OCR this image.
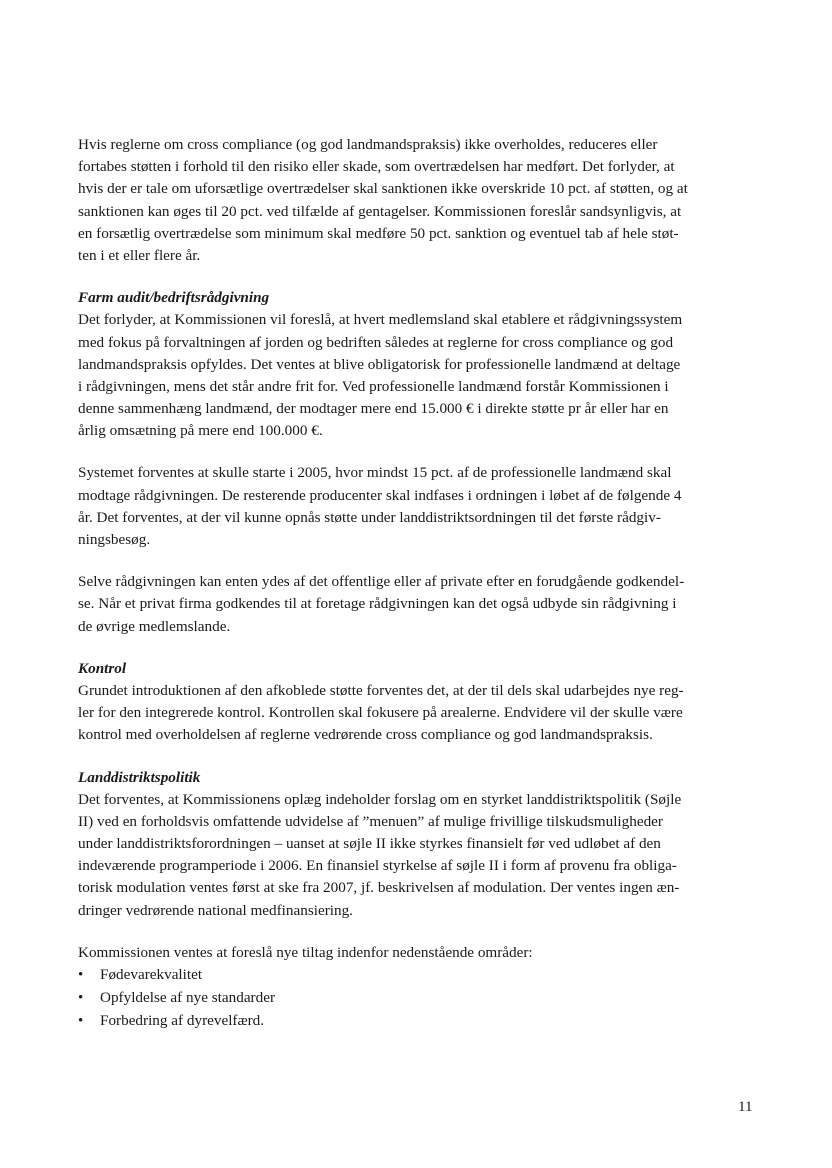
Hvis reglerne om cross compliance (og god landmandspraksis) ikke overholdes, reduceres eller

fortabes støtten i forhold til den risiko eller skade, som overtrædelsen har medført. Det forlyder, at

hvis der er tale om uforsætlige overtrædelser skal sanktionen ikke overskride 10 pct. af støtten, og at

sanktionen kan øges til 20 pct. ved tilfælde af gentagelser. Kommissionen foreslår sandsynligvis, at

en forsætlig overtrædelse som minimum skal medføre 50 pct. sanktion og eventuel tab af hele støt-

ten i et eller flere år.

Farm audit/bedriftsrådgivning

Det forlyder, at Kommissionen vil foreslå, at hvert medlemsland skal etablere et rådgivningssystem

med fokus på forvaltningen af jorden og bedriften således at reglerne for cross compliance og god

landmandspraksis opfyldes. Det ventes at blive obligatorisk for professionelle landmænd at deltage

i rådgivningen, mens det står andre frit for. Ved professionelle landmænd forstår Kommissionen i

denne sammenhæng landmænd, der modtager mere end 15.000 € i direkte støtte pr år eller har en

årlig omsætning på mere end 100.000 €.

Systemet forventes at skulle starte i 2005, hvor mindst 15 pct. af de professionelle landmænd skal

modtage rådgivningen. De resterende producenter skal indfases i ordningen i løbet af de følgende 4

år. Det forventes, at der vil kunne opnås støtte under landdistriktsordningen til det første rådgiv-

ningsbesøg.

Selve rådgivningen kan enten ydes af det offentlige eller af private efter en forudgående godkendel-

se. Når et privat firma godkendes til at foretage rådgivningen kan det også udbyde sin rådgivning i

de øvrige medlemslande.

Kontrol

Grundet introduktionen af den afkoblede støtte forventes det, at der til dels skal udarbejdes nye reg-

ler for den integrerede kontrol. Kontrollen skal fokusere på arealerne. Endvidere vil der skulle være

kontrol med overholdelsen af reglerne vedrørende cross compliance og god landmandspraksis.

Landdistriktspolitik

Det forventes, at Kommissionens oplæg indeholder forslag om en styrket landdistriktspolitik (Søjle

II) ved en forholdsvis omfattende udvidelse af ”menuen” af mulige frivillige tilskudsmuligheder

under landdistriktsforordningen – uanset at søjle II ikke styrkes finansielt før ved udløbet af den

indeværende programperiode i 2006. En finansiel styrkelse af søjle II i form af provenu fra obliga-

torisk modulation ventes først at ske fra 2007, jf. beskrivelsen af modulation. Der ventes ingen æn-

dringer vedrørende national medfinansiering.

Kommissionen ventes at foreslå nye tiltag indenfor nedenstående områder:

• Fødevarekvalitet
• Opfyldelse af nye standarder
• Forbedring af dyrevelfærd.
11
